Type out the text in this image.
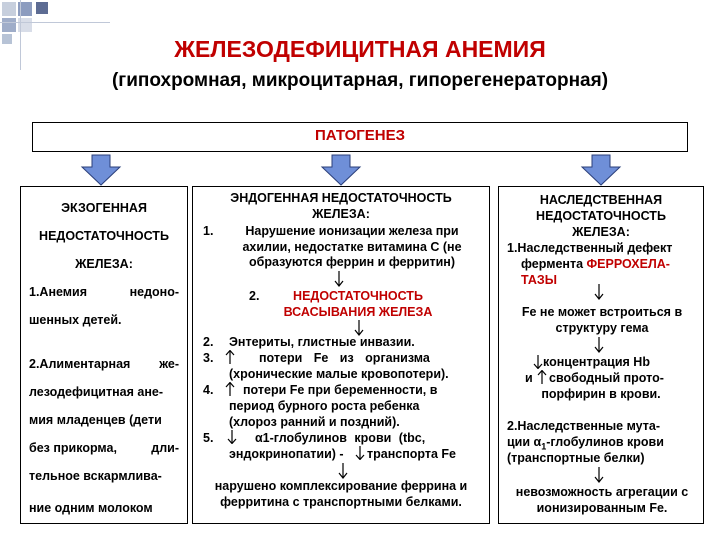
ЖЕЛЕЗОДЕФИЦИТНАЯ АНЕМИЯ
(гипохромная, микроцитарная, гипорегенераторная)
ПАТОГЕНЕЗ
ЭКЗОГЕННАЯ
НЕДОСТАТОЧНОСТЬ
ЖЕЛЕЗА:
1.Анемия	недоно-
шенных детей.
2.Алиментарная же-
лезодефицитная ане-
мия младенцев (дети
без прикорма,	дли-
тельное вскармлива-
ние одним молоком
ЭНДОГЕННАЯ НЕДОСТАТОЧНОСТЬ
ЖЕЛЕЗА:
1.	Нарушение ионизации железа при ахилии, недостатке витамина С (не образуются феррин и ферритин)
2.	НЕДОСТАТОЧНОСТЬ
ВСАСЫВАНИЯ ЖЕЛЕЗА
2.
3.
4.
5.
Энтериты, глистные инвазии.
потери Fe из организма
(хронические малые кровопотери).
потери Fe при беременности, в
период бурного роста ребенка
(хлороз ранний и поздний).
α1-глобулинов крови (tbc,
эндокринопатии) - транспорта Fe
нарушено комплексирование феррина и ферритина с транспортными белками.
НАСЛЕДСТВЕННАЯ
НЕДОСТАТОЧНОСТЬ
ЖЕЛЕЗА:
1.Наследственный дефект
фермента ФЕРРОХЕЛА-
ТАЗЫ
Fe не может встроиться в структуру гема
концентрация Hb
и свободный прото-
порфирин в крови.
2.Наследственные мута-
ции $\alpha_1$-глобулинов крови
(транспортные белки)
невозможность агрегации с ионизированным Fe.
